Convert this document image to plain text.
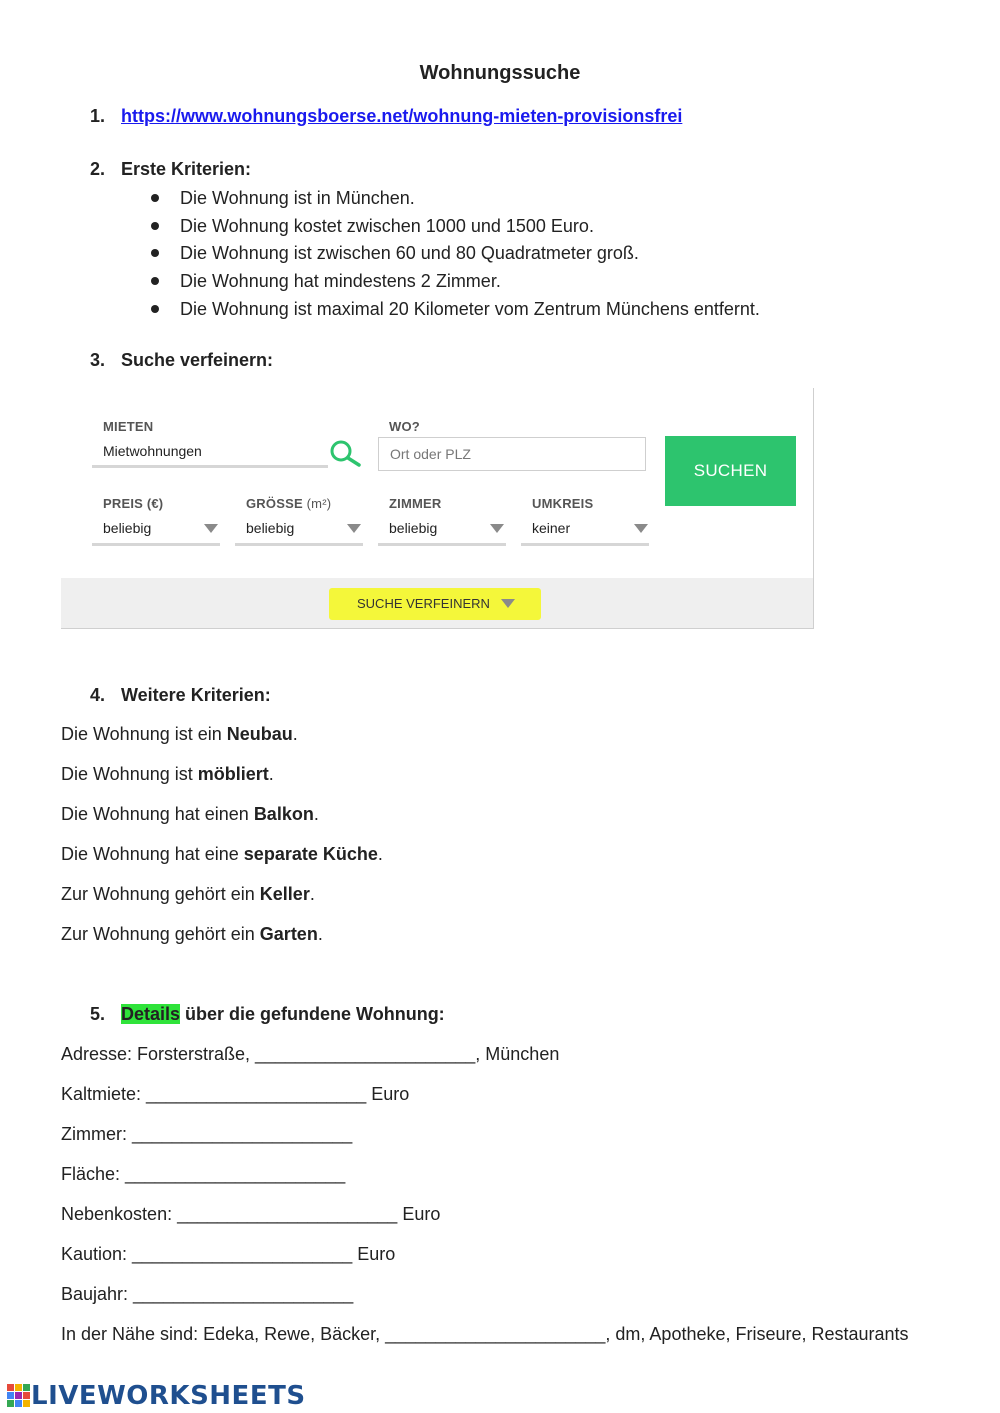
Wohnungssuche
1. https://www.wohnungsboerse.net/wohnung-mieten-provisionsfrei
2. Erste Kriterien:
Die Wohnung ist in München.
Die Wohnung kostet zwischen 1000 und 1500 Euro.
Die Wohnung ist zwischen 60 und 80 Quadratmeter groß.
Die Wohnung hat mindestens 2 Zimmer.
Die Wohnung ist maximal 20 Kilometer vom Zentrum Münchens entfernt.
3. Suche verfeinern:
MIETEN
Mietwohnungen
WO?
Ort oder PLZ
SUCHEN
PREIS (€)
beliebig
GRÖSSE (m²)
beliebig
ZIMMER
beliebig
UMKREIS
keiner
SUCHE VERFEINERN
4. Weitere Kriterien:
Die Wohnung ist ein Neubau.
Die Wohnung ist möbliert.
Die Wohnung hat einen Balkon.
Die Wohnung hat eine separate Küche.
Zur Wohnung gehört ein Keller.
Zur Wohnung gehört ein Garten.
5. Details über die gefundene Wohnung:
Adresse: Forsterstraße, ______________________, München
Kaltmiete: ______________________ Euro
Zimmer: ______________________
Fläche: ______________________
Nebenkosten: ______________________ Euro
Kaution: ______________________ Euro
Baujahr: ______________________
In der Nähe sind: Edeka, Rewe, Bäcker, ______________________, dm, Apotheke, Friseure, Restaurants
LIVEWORKSHEETS
